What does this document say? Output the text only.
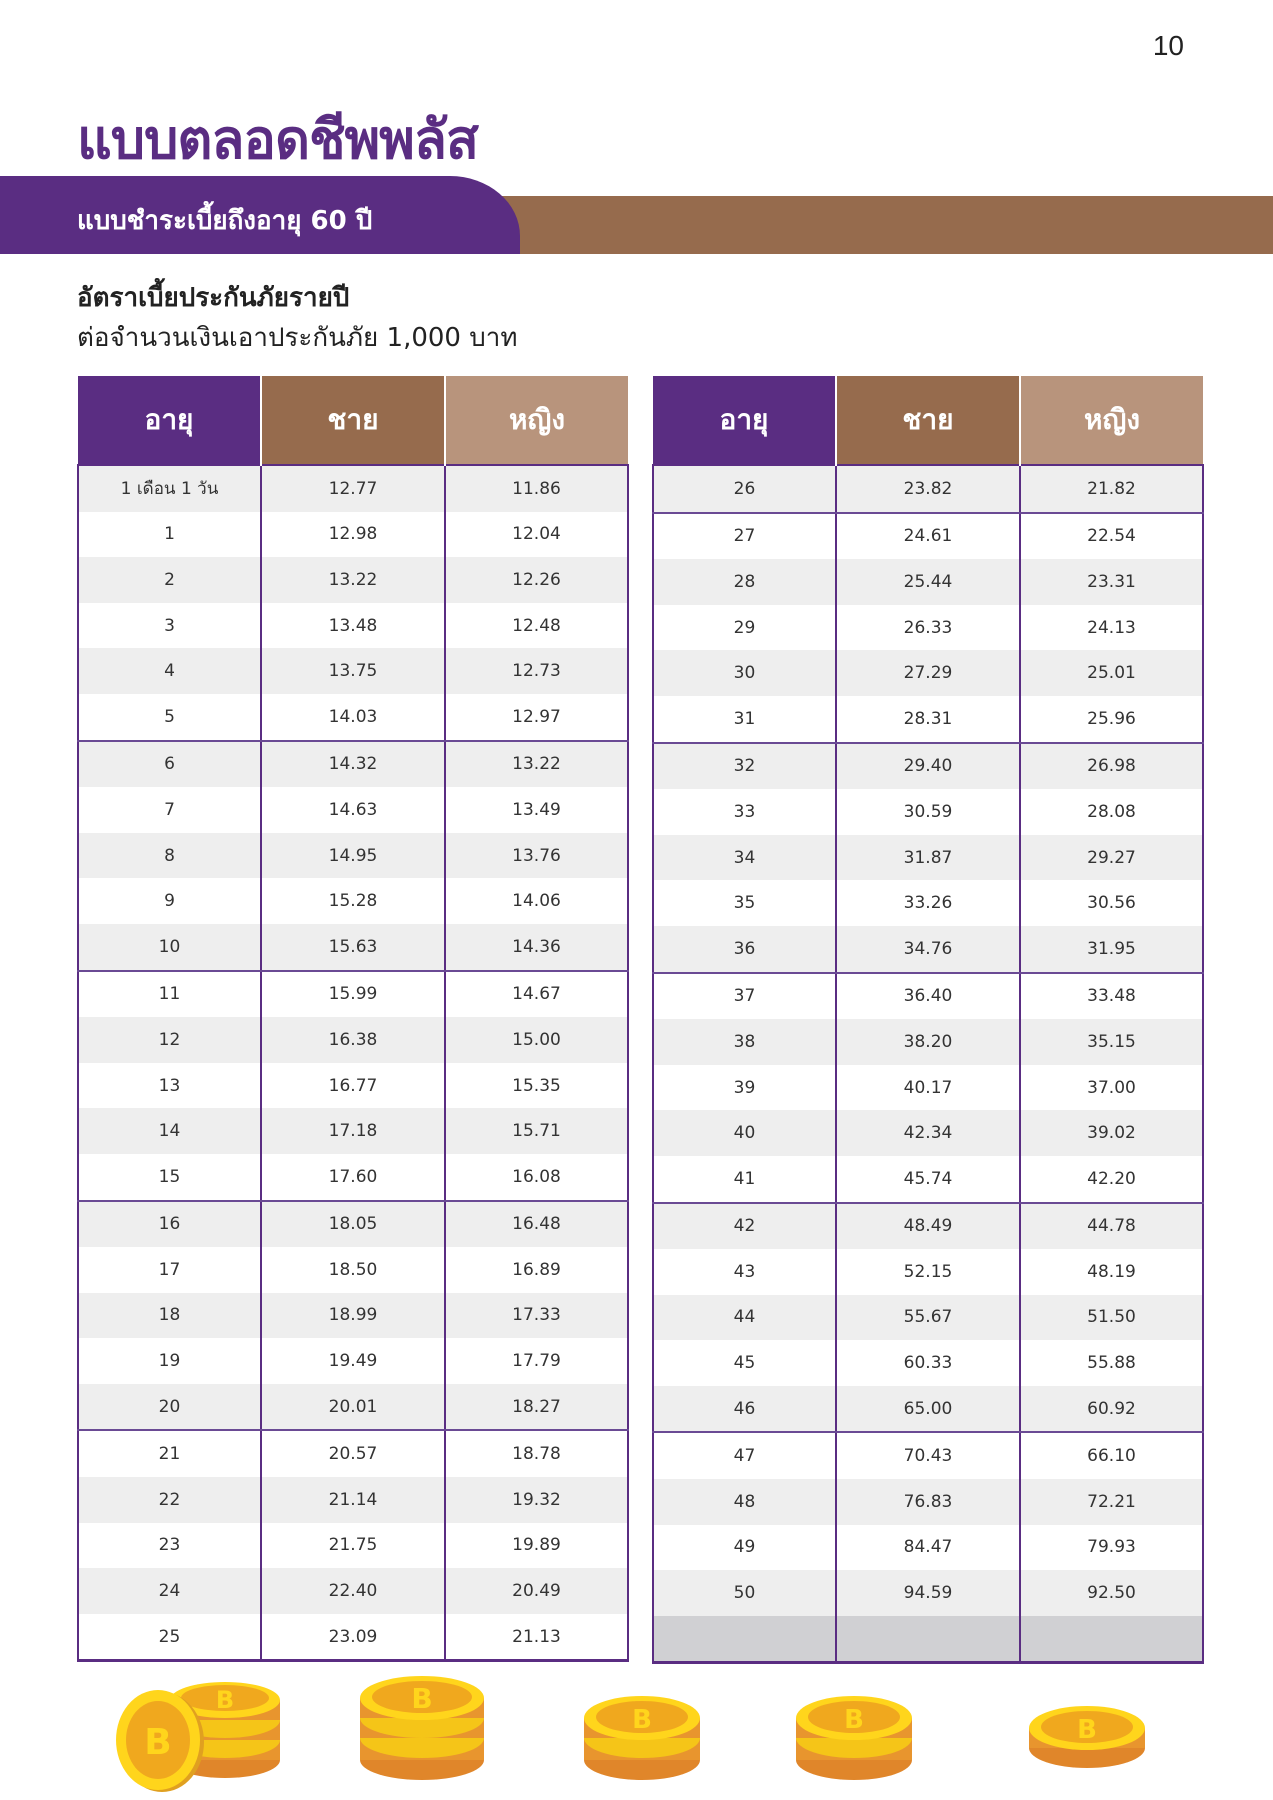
10
แบบตลอดชีพพลัส
แบบชำระเบี้ยถึงอายุ 60 ปี
อัตราเบี้ยประกันภัยรายปี
ต่อจำนวนเงินเอาประกันภัย 1,000 บาท
อายุ	ชาย	หญิง
1 เดือน 1 วัน	12.77	11.86
1	12.98	12.04
2	13.22	12.26
3	13.48	12.48
4	13.75	12.73
5	14.03	12.97
6	14.32	13.22
7	14.63	13.49
8	14.95	13.76
9	15.28	14.06
10	15.63	14.36
11	15.99	14.67
12	16.38	15.00
13	16.77	15.35
14	17.18	15.71
15	17.60	16.08
16	18.05	16.48
17	18.50	16.89
18	18.99	17.33
19	19.49	17.79
20	20.01	18.27
21	20.57	18.78
22	21.14	19.32
23	21.75	19.89
24	22.40	20.49
25	23.09	21.13
อายุ	ชาย	หญิง
26	23.82	21.82
27	24.61	22.54
28	25.44	23.31
29	26.33	24.13
30	27.29	25.01
31	28.31	25.96
32	29.40	26.98
33	30.59	28.08
34	31.87	29.27
35	33.26	30.56
36	34.76	31.95
37	36.40	33.48
38	38.20	35.15
39	40.17	37.00
40	42.34	39.02
41	45.74	42.20
42	48.49	44.78
43	52.15	48.19
44	55.67	51.50
45	60.33	55.88
46	65.00	60.92
47	70.43	66.10
48	76.83	72.21
49	84.47	79.93
50	94.59	92.50

B
B
B
B	B	B
